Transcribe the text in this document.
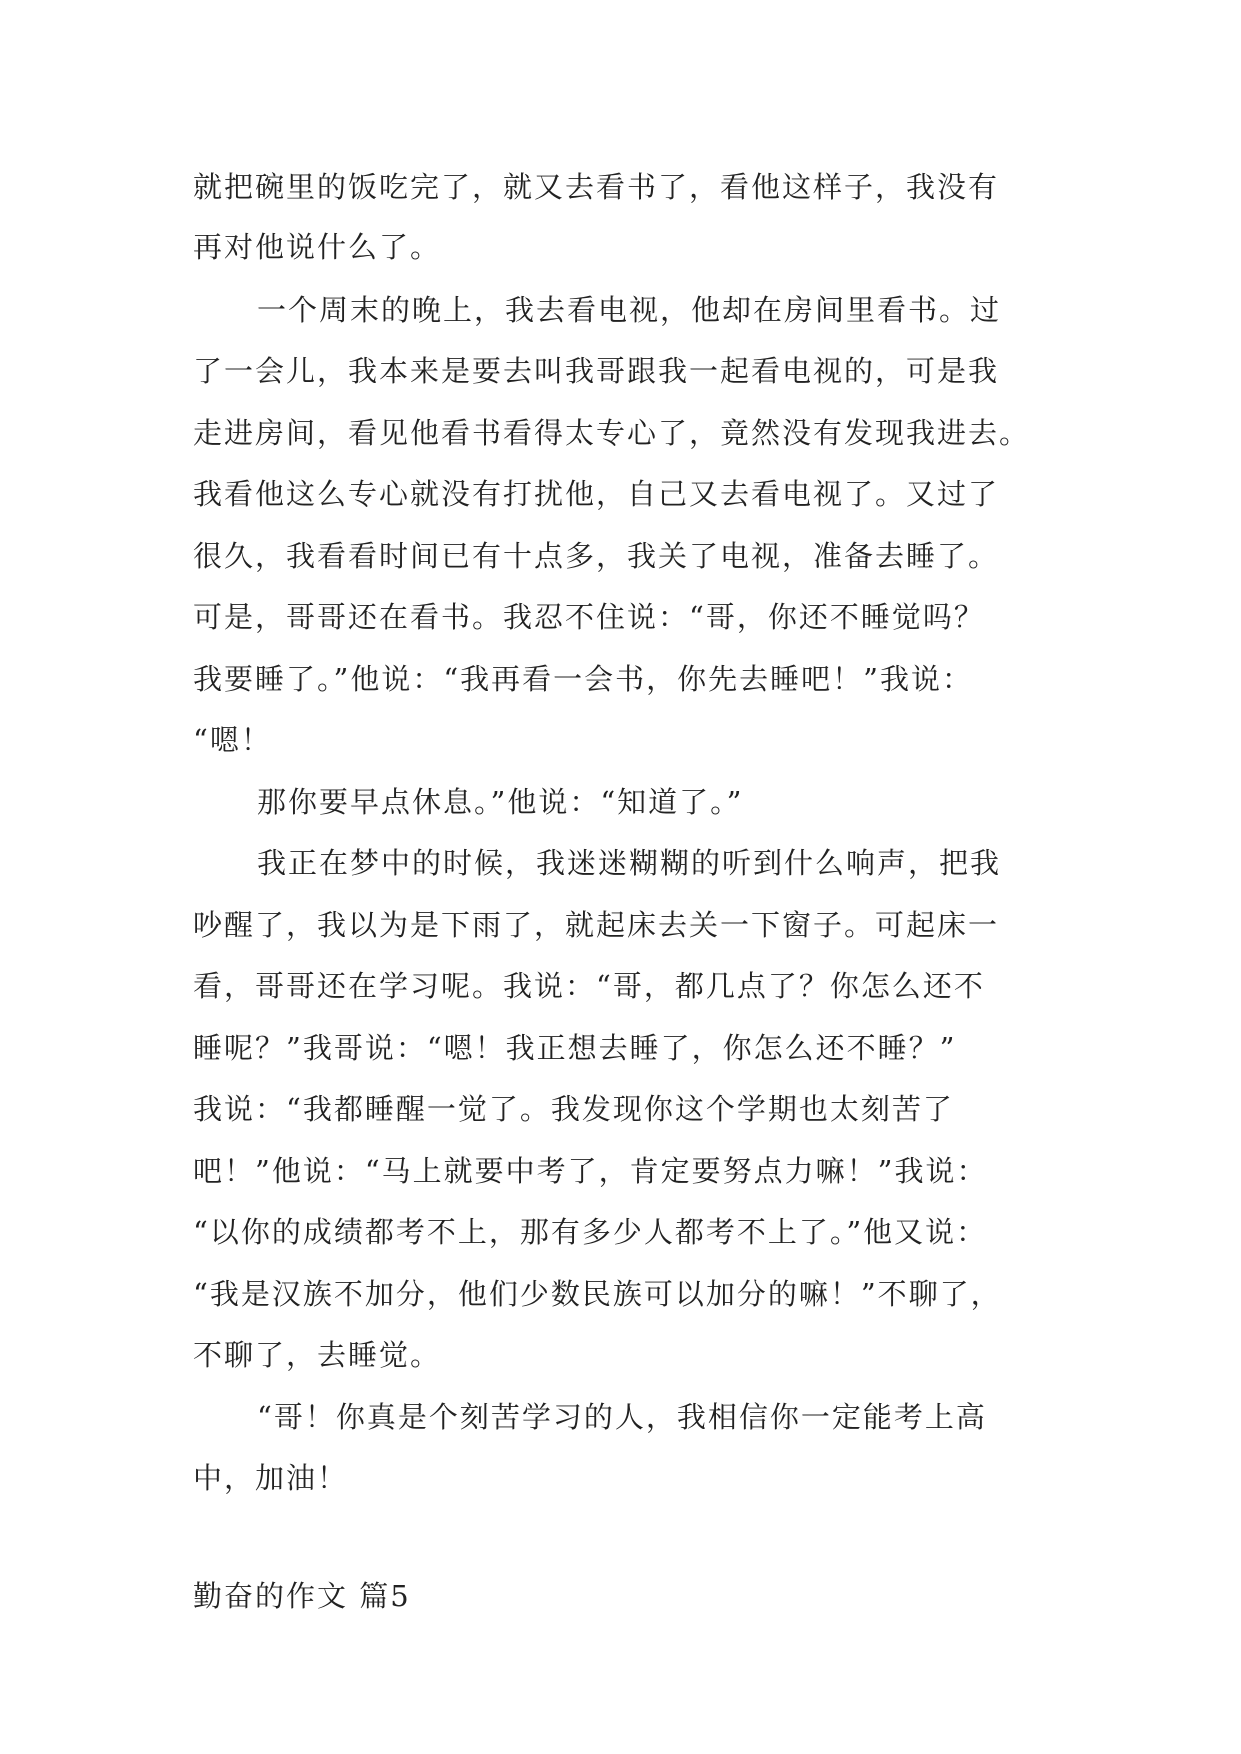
就把碗里的饭吃完了，就又去看书了，看他这样子，我没有
再对他说什么了。
一个周末的晚上，我去看电视，他却在房间里看书。过
了一会儿，我本来是要去叫我哥跟我一起看电视的，可是我
走进房间，看见他看书看得太专心了，竟然没有发现我进去。
我看他这么专心就没有打扰他，自己又去看电视了。又过了
很久，我看看时间已有十点多，我关了电视，准备去睡了。
可是，哥哥还在看书。我忍不住说：“哥，你还不睡觉吗？
我要睡了。”他说：“我再看一会书，你先去睡吧！”我说：
“嗯！
那你要早点休息。”他说：“知道了。”
我正在梦中的时候，我迷迷糊糊的听到什么响声，把我
吵醒了，我以为是下雨了，就起床去关一下窗子。可起床一
看，哥哥还在学习呢。我说：“哥，都几点了？你怎么还不
睡呢？”我哥说：“嗯！我正想去睡了，你怎么还不睡？”
我说：“我都睡醒一觉了。我发现你这个学期也太刻苦了
吧！”他说：“马上就要中考了，肯定要努点力嘛！”我说：
“以你的成绩都考不上，那有多少人都考不上了。”他又说：
“我是汉族不加分，他们少数民族可以加分的嘛！”不聊了，
不聊了，去睡觉。
“哥！你真是个刻苦学习的人，我相信你一定能考上高
中，加油！
勤奋的作文 篇5
